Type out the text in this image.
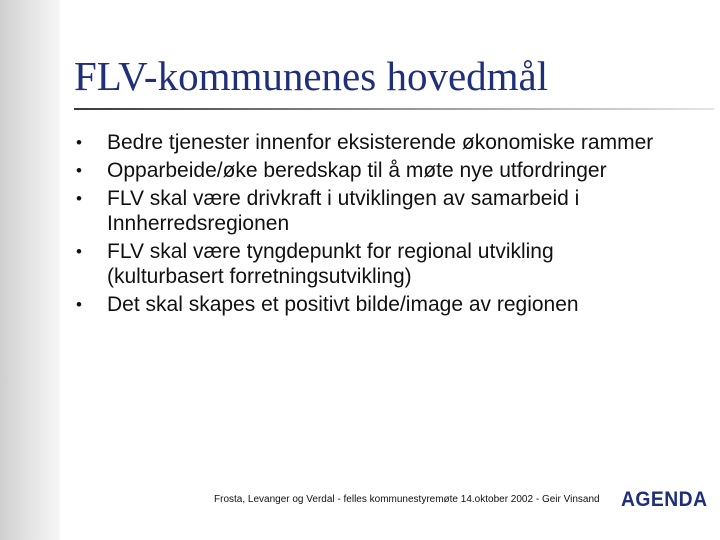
FLV-kommunenes hovedmål
• Bedre tjenester innenfor eksisterende økonomiske rammer
• Opparbeide/øke beredskap til å møte nye utfordringer
• FLV skal være drivkraft i utviklingen av samarbeid i Innherredsregionen
• FLV skal være tyngdepunkt for regional utvikling (kulturbasert forretningsutvikling)
• Det skal skapes et positivt bilde/image av regionen
Frosta, Levanger og Verdal - felles kommunestyremøte 14.oktober 2002 - Geir Vinsand AGENDA
